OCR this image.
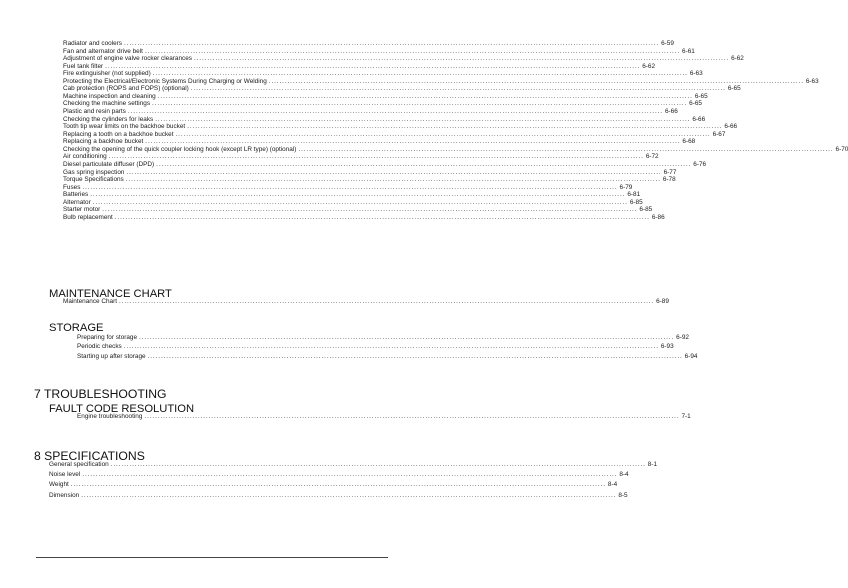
Radiator and coolers ........................................................................................................................................................................................................ 6-59
Fan and alternator drive belt ........................................................................................................................................................................................................ 6-61
Adjustment of engine valve rocker clearances ........................................................................................................................................................................................................ 6-62
Fuel tank filter ........................................................................................................................................................................................................ 6-62
Fire extinguisher (not supplied) ........................................................................................................................................................................................................ 6-63
Protecting the Electrical/Electronic Systems During Charging or Welding ........................................................................................................................................................................................................ 6-63
Cab protection (ROPS and FOPS) (optional) ........................................................................................................................................................................................................ 6-65
Machine inspection and cleaning ........................................................................................................................................................................................................ 6-65
Checking the machine settings ........................................................................................................................................................................................................ 6-65
Plastic and resin parts ........................................................................................................................................................................................................ 6-66
Checking the cylinders for leaks ........................................................................................................................................................................................................ 6-66
Tooth tip wear limits on the backhoe bucket ........................................................................................................................................................................................................ 6-66
Replacing a tooth on a backhoe bucket ........................................................................................................................................................................................................ 6-67
Replacing a backhoe bucket ........................................................................................................................................................................................................ 6-68
Checking the opening of the quick coupler locking hook (except LR type) (optional) ........................................................................................................................................................................................................ 6-70
Air conditioning ........................................................................................................................................................................................................ 6-72
Diesel particulate diffuser (DPD) ........................................................................................................................................................................................................ 6-76
Gas spring inspection ........................................................................................................................................................................................................ 6-77
Torque Specifications ........................................................................................................................................................................................................ 6-78
Fuses ........................................................................................................................................................................................................ 6-79
Batteries ........................................................................................................................................................................................................ 6-81
Alternator ........................................................................................................................................................................................................ 6-85
Starter motor ........................................................................................................................................................................................................ 6-85
Bulb replacement ........................................................................................................................................................................................................ 6-86
MAINTENANCE CHART
Maintenance Chart ........................................................................................................................................................................................................ 6-89
STORAGE
Preparing for storage ........................................................................................................................................................................................................ 6-92
Periodic checks ........................................................................................................................................................................................................ 6-93
Starting up after storage ........................................................................................................................................................................................................ 6-94
7 TROUBLESHOOTING
FAULT CODE RESOLUTION
Engine troubleshooting ........................................................................................................................................................................................................ 7-1
8 SPECIFICATIONS
General specification ........................................................................................................................................................................................................ 8-1
Noise level ........................................................................................................................................................................................................ 8-4
Weight ........................................................................................................................................................................................................ 8-4
Dimension ........................................................................................................................................................................................................ 8-5
